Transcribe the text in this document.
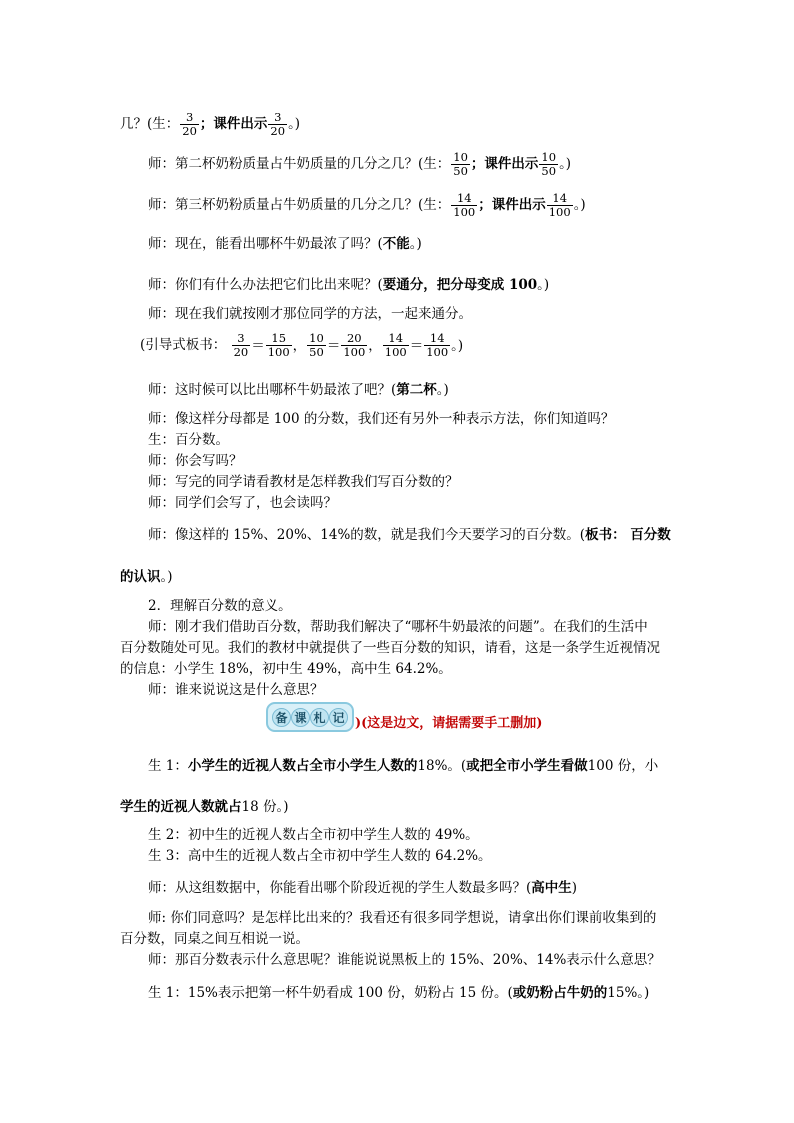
几？(生： $\frac{3}{20}$ ；课件出示 $\frac{3}{20}$ 。)
师：第二杯奶粉质量占牛奶质量的几分之几？(生： $\frac{10}{50}$ ；课件出示 $\frac{10}{50}$ 。)
师：第三杯奶粉质量占牛奶质量的几分之几？(生： $\frac{14}{100}$ ；课件出示 $\frac{14}{100}$ 。)
师：现在，能看出哪杯牛奶最浓了吗？(不能。)
师：你们有什么办法把它们比出来呢？(要通分，把分母变成 100。)
师：现在我们就按刚才那位同学的方法，一起来通分。
(引导式板书： $\frac{3}{20} = \frac{15}{100}$ ， $\frac{10}{50} = \frac{20}{100}$ ， $\frac{14}{100} = \frac{14}{100}$ 。)
师：这时候可以比出哪杯牛奶最浓了吧？(第二杯。)
师：像这样分母都是 100 的分数，我们还有另外一种表示方法，你们知道吗？
生：百分数。
师：你会写吗？
师：写完的同学请看教材是怎样教我们写百分数的？
师：同学们会写了，也会读吗？
师：像这样的 15%、20%、14%的数，就是我们今天要学习的百分数。(板书： 百分数
的认识。)
2．理解百分数的意义。
师：刚才我们借助百分数，帮助我们解决了“哪杯牛奶最浓的问题”。在我们的生活中
百分数随处可见。我们的教材中就提供了一些百分数的知识，请看，这是一条学生近视情况
的信息：小学生 18%，初中生 49%，高中生 64.2%。
师：谁来说说这是什么意思？
备 课 札 记 )(这是边文，请据需要手工删加)
生 1：小学生的近视人数占全市小学生人数的18%。(或把全市小学生看做100 份，小
学生的近视人数就占18 份。)
生 2：初中生的近视人数占全市初中学生人数的 49%。
生 3：高中生的近视人数占全市初中学生人数的 64.2%。
师：从这组数据中，你能看出哪个阶段近视的学生人数最多吗？(高中生)
师: 你们同意吗？是怎样比出来的？我看还有很多同学想说，请拿出你们课前收集到的
百分数，同桌之间互相说一说。
师：那百分数表示什么意思呢？谁能说说黑板上的 15%、20%、14%表示什么意思？
生 1：15%表示把第一杯牛奶看成 100 份，奶粉占 15 份。(或奶粉占牛奶的15%。)
